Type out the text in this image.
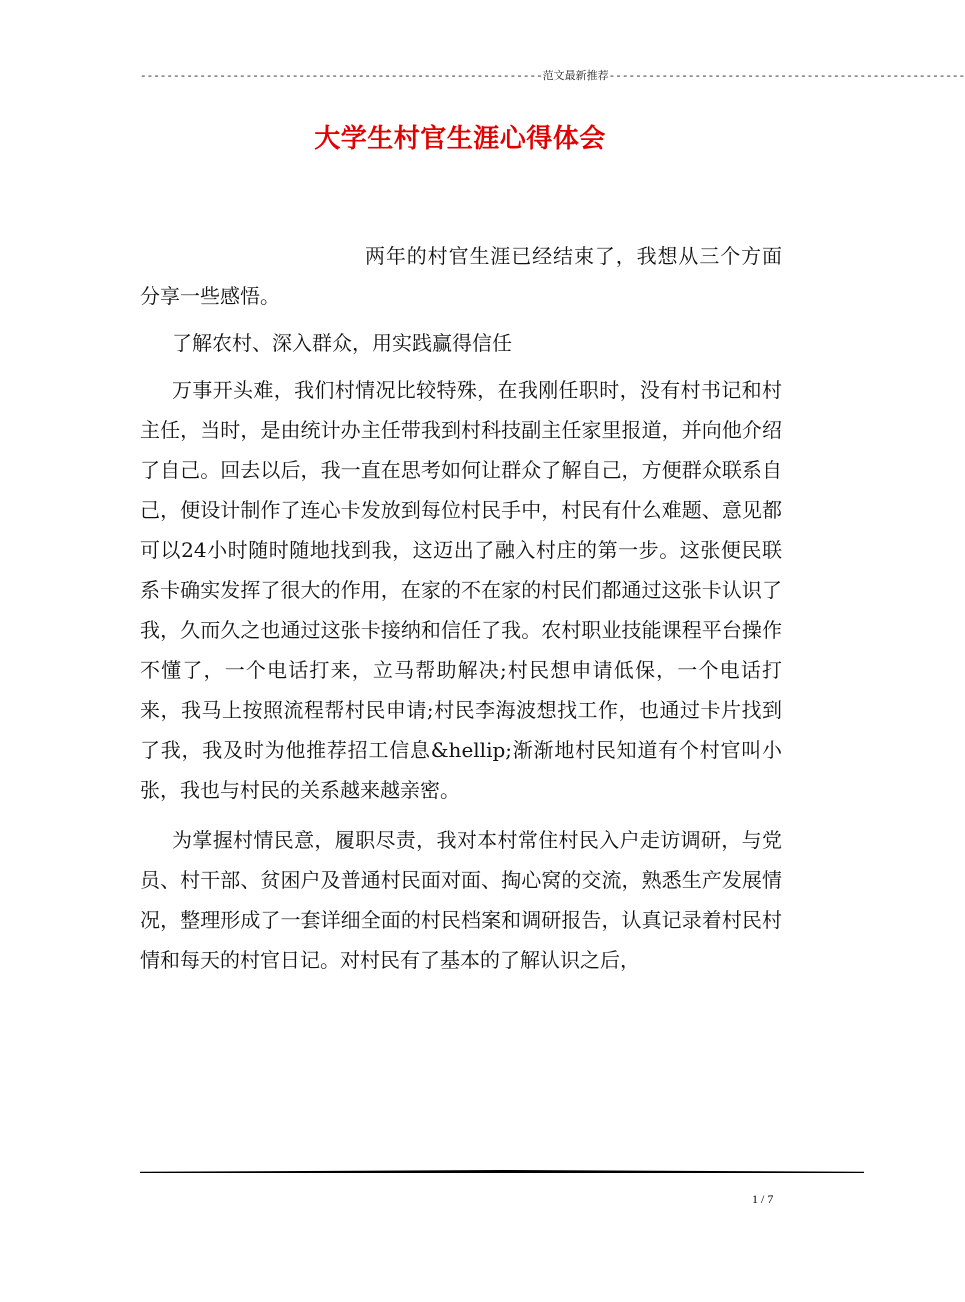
-------------------------------------------------------------范文最新推荐------------------------------------------------------
大学生村官生涯心得体会

两年的村官生涯已经结束了，我想从三个方面分享一些感悟。

了解农村、深入群众，用实践赢得信任

万事开头难，我们村情况比较特殊，在我刚任职时，没有村书记和村主任，当时，是由统计办主任带我到村科技副主任家里报道，并向他介绍了自己。回去以后，我一直在思考如何让群众了解自己，方便群众联系自己，便设计制作了连心卡发放到每位村民手中，村民有什么难题、意见都可以24小时随时随地找到我，这迈出了融入村庄的第一步。这张便民联系卡确实发挥了很大的作用，在家的不在家的村民们都通过这张卡认识了我，久而久之也通过这张卡接纳和信任了我。农村职业技能课程平台操作不懂了，一个电话打来，立马帮助解决;村民想申请低保，一个电话打来，我马上按照流程帮村民申请;村民李海波想找工作，也通过卡片找到了我，我及时为他推荐招工信息&hellip;渐渐地村民知道有个村官叫小张，我也与村民的关系越来越亲密。

为掌握村情民意，履职尽责，我对本村常住村民入户走访调研，与党员、村干部、贫困户及普通村民面对面、掏心窝的交流，熟悉生产发展情况，整理形成了一套详细全面的村民档案和调研报告，认真记录着村民村情和每天的村官日记。对村民有了基本的了解认识之后，

1 / 7
